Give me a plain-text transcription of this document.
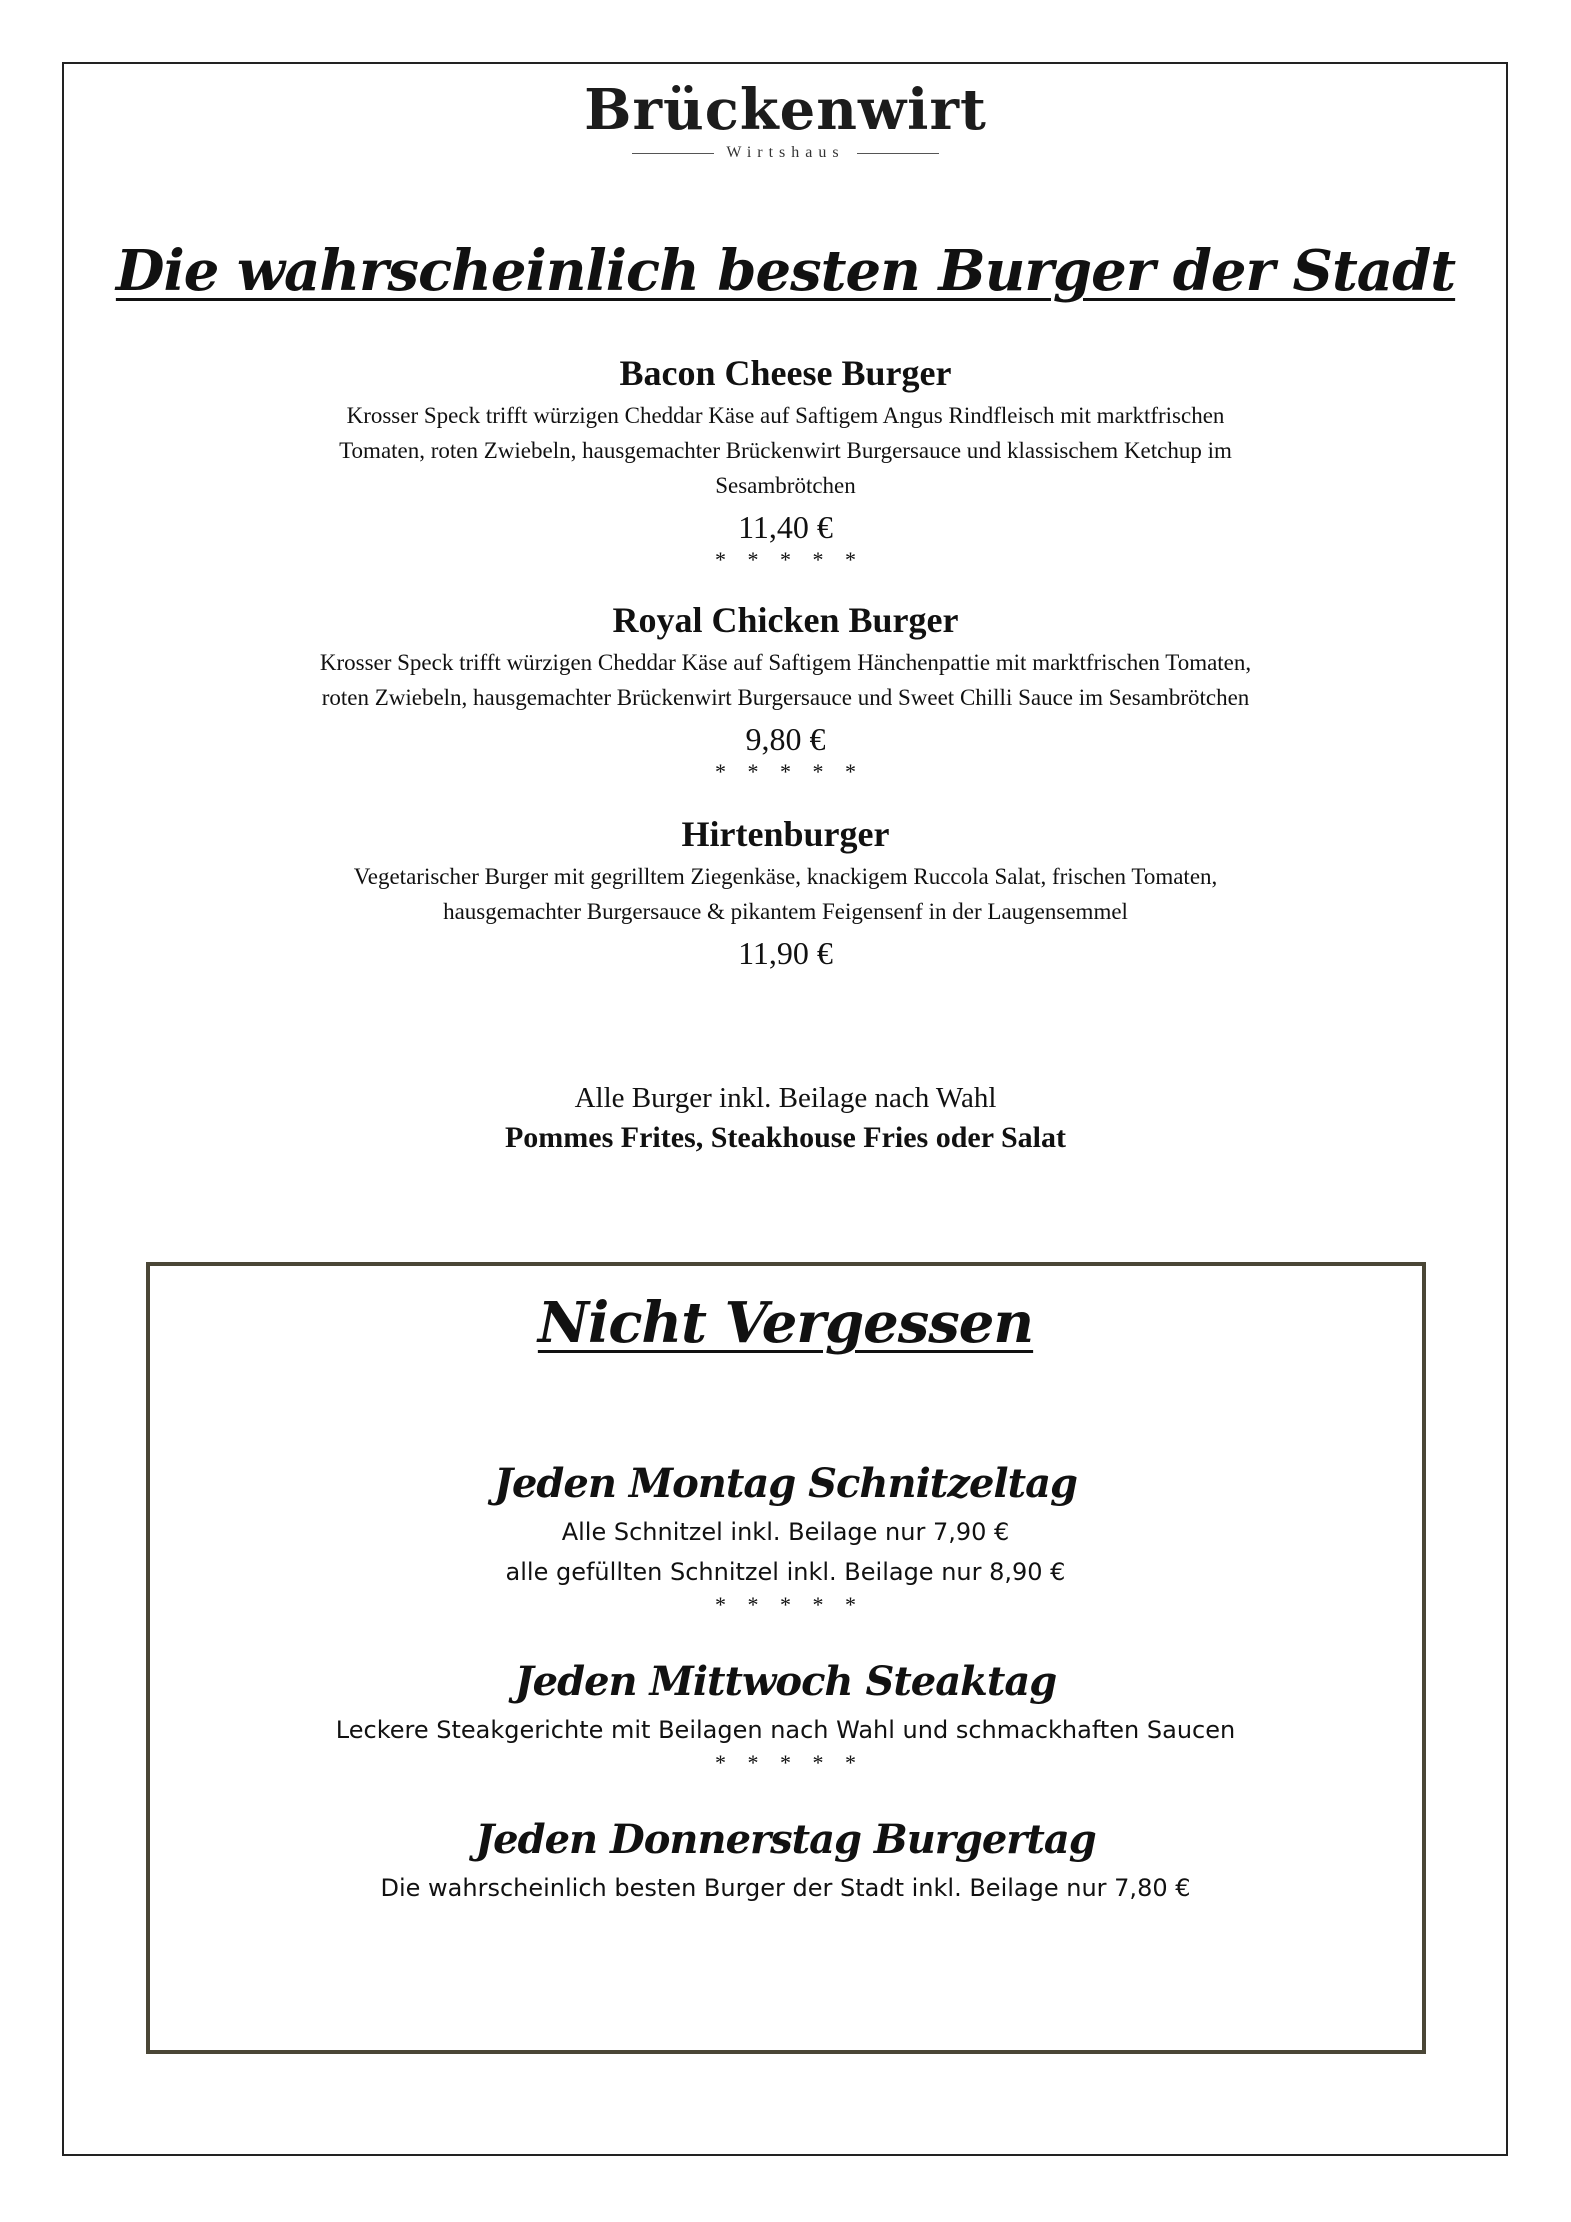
Brückenwirt
Wirtshaus
Die wahrscheinlich besten Burger der Stadt
Bacon Cheese Burger
Krosser Speck trifft würzigen Cheddar Käse auf Saftigem Angus Rindfleisch mit marktfrischen
Tomaten, roten Zwiebeln, hausgemachter Brückenwirt Burgersauce und klassischem Ketchup im
Sesambrötchen
11,40 €
* * * * *
Royal Chicken Burger
Krosser Speck trifft würzigen Cheddar Käse auf Saftigem Hänchenpattie mit marktfrischen Tomaten,
roten Zwiebeln, hausgemachter Brückenwirt Burgersauce und Sweet Chilli Sauce im Sesambrötchen
9,80 €
* * * * *
Hirtenburger
Vegetarischer Burger mit gegrilltem Ziegenkäse, knackigem Ruccola Salat, frischen Tomaten,
hausgemachter Burgersauce & pikantem Feigensenf in der Laugensemmel
11,90 €
Alle Burger inkl. Beilage nach Wahl
Pommes Frites, Steakhouse Fries oder Salat
Nicht Vergessen
Jeden Montag Schnitzeltag
Alle Schnitzel inkl. Beilage nur 7,90 €
alle gefüllten Schnitzel inkl. Beilage nur 8,90 €
* * * * *
Jeden Mittwoch Steaktag
Leckere Steakgerichte mit Beilagen nach Wahl und schmackhaften Saucen
* * * * *
Jeden Donnerstag Burgertag
Die wahrscheinlich besten Burger der Stadt inkl. Beilage nur 7,80 €
